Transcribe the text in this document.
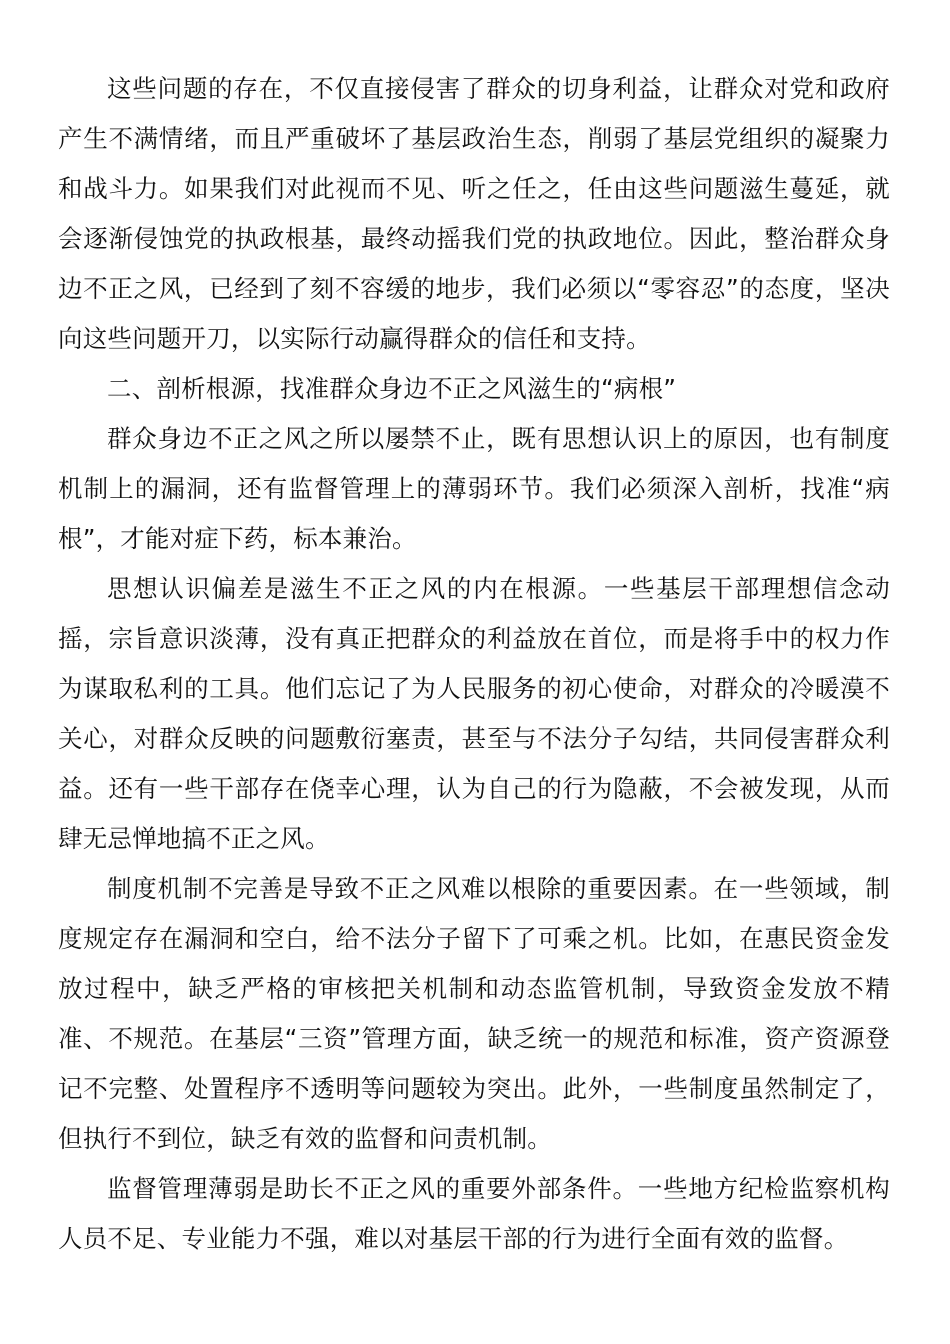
这些问题的存在，不仅直接侵害了群众的切身利益，让群众对党和政府产生不满情绪，而且严重破坏了基层政治生态，削弱了基层党组织的凝聚力和战斗力。如果我们对此视而不见、听之任之，任由这些问题滋生蔓延，就会逐渐侵蚀党的执政根基，最终动摇我们党的执政地位。因此，整治群众身边不正之风，已经到了刻不容缓的地步，我们必须以“零容忍”的态度，坚决向这些问题开刀，以实际行动赢得群众的信任和支持。

二、剖析根源，找准群众身边不正之风滋生的“病根”

群众身边不正之风之所以屡禁不止，既有思想认识上的原因，也有制度机制上的漏洞，还有监督管理上的薄弱环节。我们必须深入剖析，找准“病根”，才能对症下药，标本兼治。

思想认识偏差是滋生不正之风的内在根源。一些基层干部理想信念动摇，宗旨意识淡薄，没有真正把群众的利益放在首位，而是将手中的权力作为谋取私利的工具。他们忘记了为人民服务的初心使命，对群众的冷暖漠不关心，对群众反映的问题敷衍塞责，甚至与不法分子勾结，共同侵害群众利益。还有一些干部存在侥幸心理，认为自己的行为隐蔽，不会被发现，从而肆无忌惮地搞不正之风。

制度机制不完善是导致不正之风难以根除的重要因素。在一些领域，制度规定存在漏洞和空白，给不法分子留下了可乘之机。比如，在惠民资金发放过程中，缺乏严格的审核把关机制和动态监管机制，导致资金发放不精准、不规范。在基层“三资”管理方面，缺乏统一的规范和标准，资产资源登记不完整、处置程序不透明等问题较为突出。此外，一些制度虽然制定了，但执行不到位，缺乏有效的监督和问责机制。

监督管理薄弱是助长不正之风的重要外部条件。一些地方纪检监察机构人员不足、专业能力不强，难以对基层干部的行为进行全面有效的监督。
